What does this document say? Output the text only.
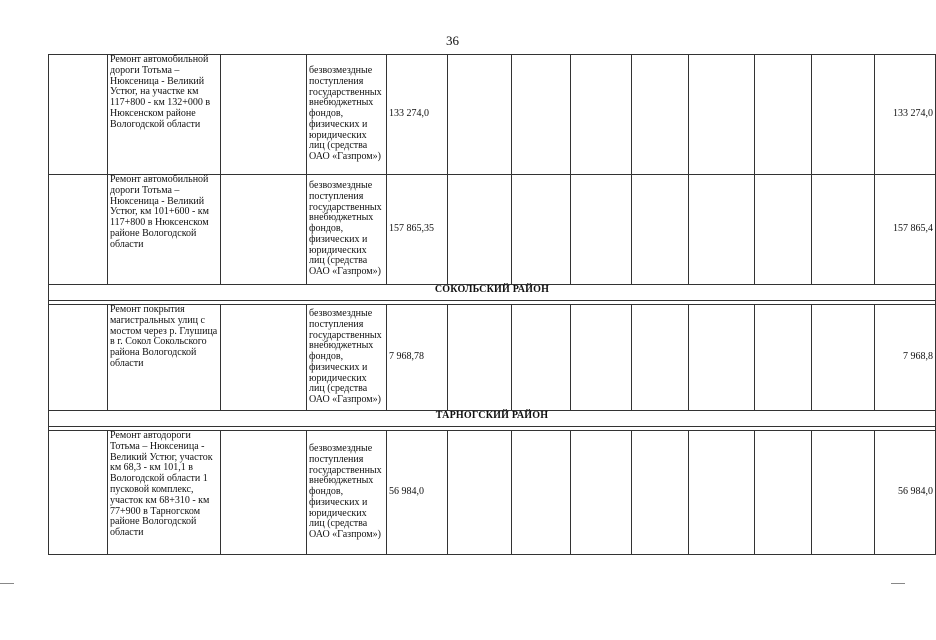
36
	Ремонт автомобильной дороги Тотьма – Нюксеница - Великий Устюг, на участке км 117+800 - км 132+000 в Нюксенском районе Вологодской области		безвозмездные поступления государственных внебюджетных фондов, физических и юридических лиц (средства ОАО «Газпром»)	133 274,0								133 274,0
	Ремонт автомобильной дороги Тотьма – Нюксеница - Великий Устюг, км 101+600 - км 117+800 в Нюксенском районе Вологодской области		безвозмездные поступления государственных внебюджетных фондов, физических и юридических лиц (средства ОАО «Газпром»)	157 865,35								157 865,4
СОКОЛЬСКИЙ РАЙОН												

	Ремонт покрытия магистральных улиц с мостом через р. Глушица в г. Сокол Сокольского района Вологодской области		безвозмездные поступления государственных внебюджетных фондов, физических и юридических лиц (средства ОАО «Газпром»)	7 968,78								7 968,8
ТАРНОГСКИЙ РАЙОН												

	Ремонт автодороги Тотьма – Нюксеница - Великий Устюг, участок км 68,3 - км 101,1 в Вологодской области 1 пусковой комплекс, участок км 68+310 - км 77+900 в Тарногском районе Вологодской области		безвозмездные поступления государственных внебюджетных фондов, физических и юридических лиц (средства ОАО «Газпром»)	56 984,0								56 984,0
